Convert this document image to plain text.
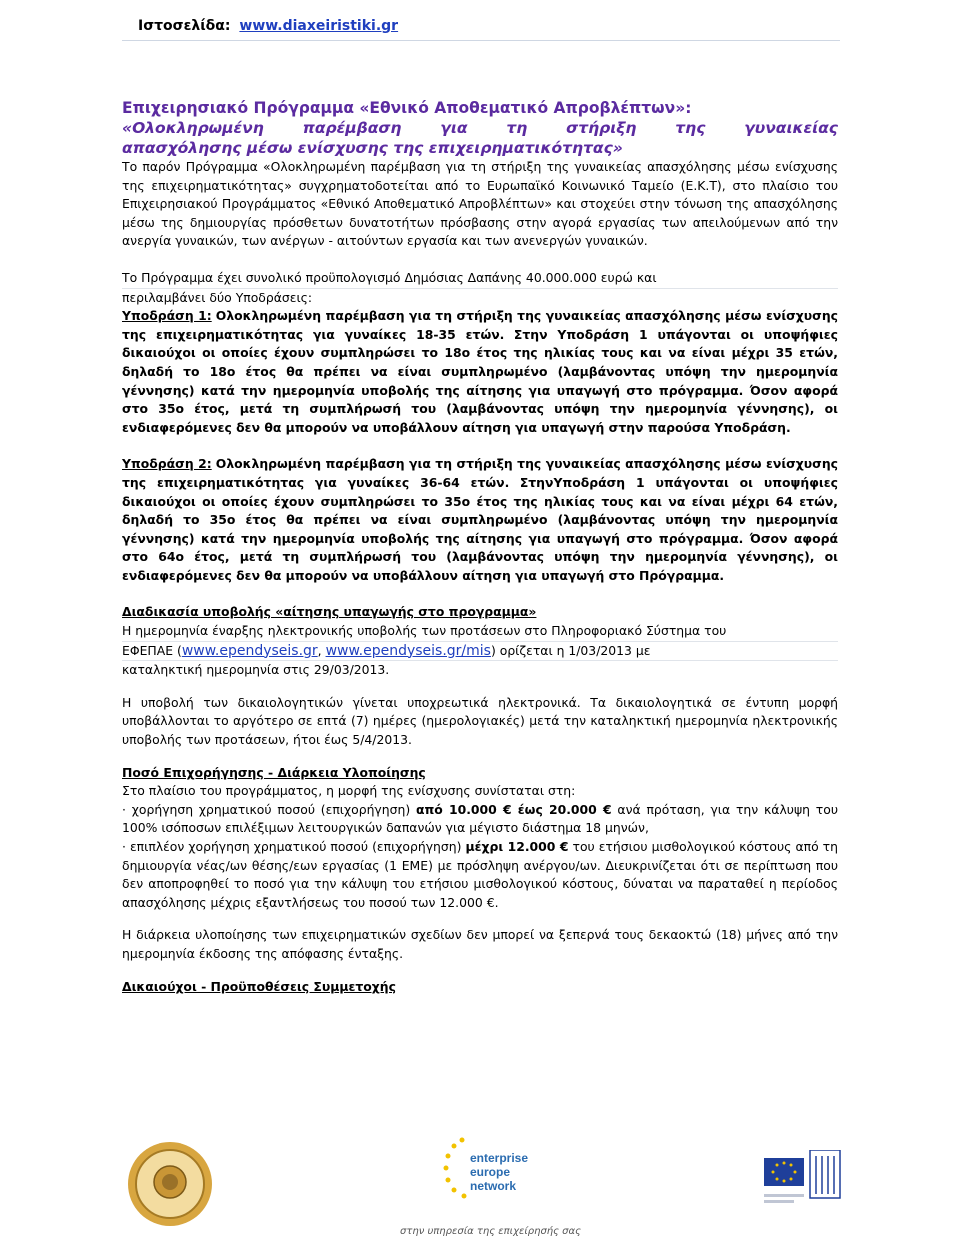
Ιστοσελίδα: www.diaxeiristiki.gr
Επιχειρησιακό Πρόγραμμα «Εθνικό Αποθεματικό Απροβλέπτων»:
«Ολοκληρωμένη παρέμβαση για τη στήριξη της γυναικείας
απασχόλησης μέσω ενίσχυσης της επιχειρηματικότητας»

Το παρόν Πρόγραμμα «Ολοκληρωμένη παρέμβαση για τη στήριξη της γυναικείας απασχόλησης μέσω ενίσχυσης της επιχειρηματικότητας» συγχρηματοδοτείται από το Ευρωπαϊκό Κοινωνικό Ταμείο (Ε.Κ.Τ), στο πλαίσιο του Επιχειρησιακού Προγράμματος «Εθνικό Αποθεματικό Απροβλέπτων» και στοχεύει στην τόνωση της απασχόλησης μέσω της δημιουργίας πρόσθετων δυνατοτήτων πρόσβασης στην αγορά εργασίας των απειλούμενων από την ανεργία γυναικών, των ανέργων - αιτούντων εργασία και των ανενεργών γυναικών.

Το Πρόγραμμα έχει συνολικό προϋπολογισμό Δημόσιας Δαπάνης 40.000.000 ευρώ και

περιλαμβάνει δύο Υποδράσεις:

Υποδράση 1: Ολοκληρωμένη παρέμβαση για τη στήριξη της γυναικείας απασχόλησης μέσω ενίσχυσης της επιχειρηματικότητας για γυναίκες 18-35 ετών. Στην Υποδράση 1 υπάγονται οι υποψήφιες δικαιούχοι οι οποίες έχουν συμπληρώσει το 18ο έτος της ηλικίας τους και να είναι μέχρι 35 ετών, δηλαδή το 18ο έτος θα πρέπει να είναι συμπληρωμένο (λαμβάνοντας υπόψη την ημερομηνία γέννησης) κατά την ημερομηνία υποβολής της αίτησης για υπαγωγή στο πρόγραμμα. Όσον αφορά στο 35ο έτος, μετά τη συμπλήρωσή του (λαμβάνοντας υπόψη την ημερομηνία γέννησης), οι ενδιαφερόμενες δεν θα μπορούν να υποβάλλουν αίτηση για υπαγωγή στην παρούσα Υποδράση.

Υποδράση 2: Ολοκληρωμένη παρέμβαση για τη στήριξη της γυναικείας απασχόλησης μέσω ενίσχυσης της επιχειρηματικότητας για γυναίκες 36-64 ετών. ΣτηνΥποδράση 1 υπάγονται οι υποψήφιες δικαιούχοι οι οποίες έχουν συμπληρώσει το 35ο έτος της ηλικίας τους και να είναι μέχρι 64 ετών, δηλαδή το 35ο έτος θα πρέπει να είναι συμπληρωμένο (λαμβάνοντας υπόψη την ημερομηνία γέννησης) κατά την ημερομηνία υποβολής της αίτησης για υπαγωγή στο πρόγραμμα. Όσον αφορά στο 64ο έτος, μετά τη συμπλήρωσή του (λαμβάνοντας υπόψη την ημερομηνία γέννησης), οι ενδιαφερόμενες δεν θα μπορούν να υποβάλλουν αίτηση για υπαγωγή στο Πρόγραμμα.

Διαδικασία υποβολής «αίτησης υπαγωγής στο προγραμμα»

Η ημερομηνία έναρξης ηλεκτρονικής υποβολής των προτάσεων στο Πληροφοριακό Σύστημα του

ΕΦΕΠΑΕ (www.ependyseis.gr, www.ependyseis.gr/mis) ορίζεται η 1/03/2013 με

καταληκτική ημερομηνία στις 29/03/2013.

Η υποβολή των δικαιολογητικών γίνεται υποχρεωτικά ηλεκτρονικά. Τα δικαιολογητικά σε έντυπη μορφή υποβάλλονται το αργότερο σε επτά (7) ημέρες (ημερολογιακές) μετά την καταληκτική ημερομηνία ηλεκτρονικής υποβολής των προτάσεων, ήτοι έως 5/4/2013.

Ποσό Επιχορήγησης - Διάρκεια Υλοποίησης

Στο πλαίσιο του προγράμματος, η μορφή της ενίσχυσης συνίσταται στη:

· χορήγηση χρηματικού ποσού (επιχορήγηση) από 10.000 € έως 20.000 € ανά πρόταση, για την κάλυψη του 100% ισόποσων επιλέξιμων λειτουργικών δαπανών για μέγιστο διάστημα 18 μηνών,

· επιπλέον χορήγηση χρηματικού ποσού (επιχορήγηση) μέχρι 12.000 € του ετήσιου μισθολογικού κόστους από τη δημιουργία νέας/ων θέσης/εων εργασίας (1 ΕΜΕ) με πρόσληψη ανέργου/ων. Διευκρινίζεται ότι σε περίπτωση που δεν αποπροφηθεί το ποσό για την κάλυψη του ετήσιου μισθολογικού κόστους, δύναται να παραταθεί η περίοδος απασχόλησης μέχρις εξαντλήσεως του ποσού των 12.000 €.

Η διάρκεια υλοποίησης των επιχειρηματικών σχεδίων δεν μπορεί να ξεπερνά τους δεκαοκτώ (18) μήνες από την ημερομηνία έκδοσης της απόφασης ένταξης.

Δικαιούχοι - Προϋποθέσεις Συμμετοχής

enterprise
europe
network
στην υπηρεσία της επιχείρησής σας
